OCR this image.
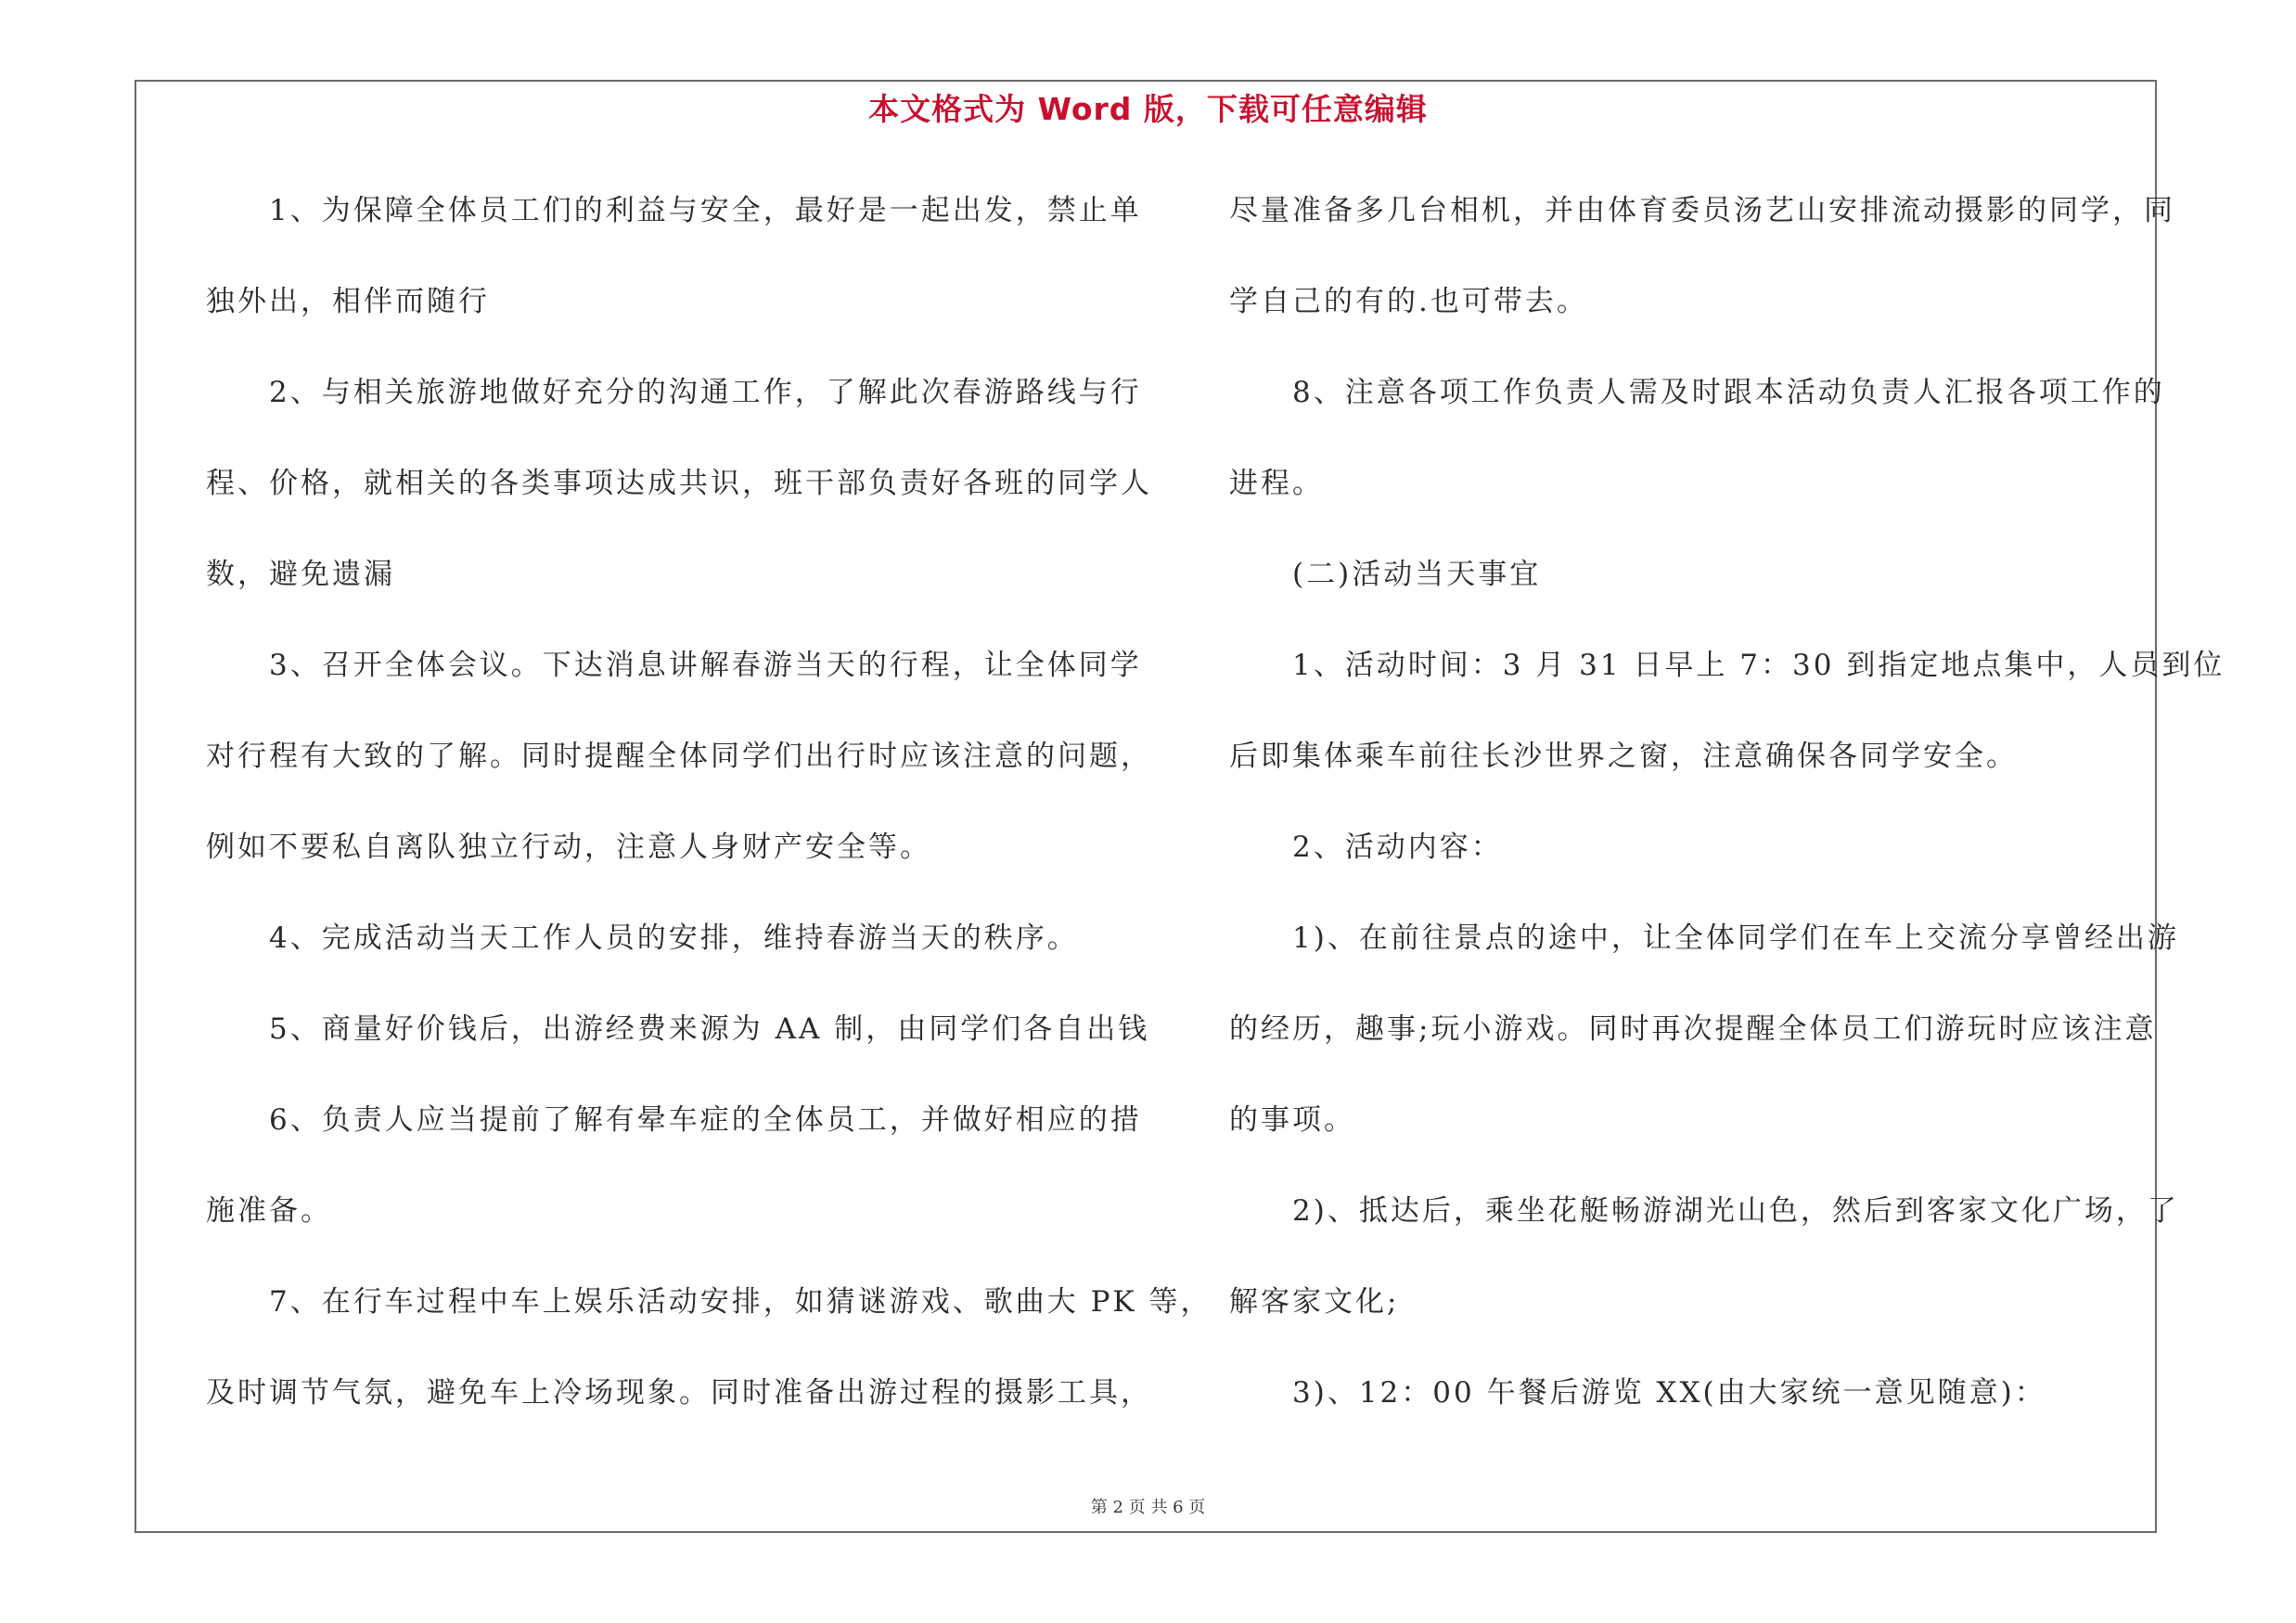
本文格式为 Word 版，下载可任意编辑
　　1、为保障全体员工们的利益与安全，最好是一起出发，禁止单
独外出，相伴而随行
　　2、与相关旅游地做好充分的沟通工作，了解此次春游路线与行
程、价格，就相关的各类事项达成共识，班干部负责好各班的同学人
数，避免遗漏
　　3、召开全体会议。下达消息讲解春游当天的行程，让全体同学
对行程有大致的了解。同时提醒全体同学们出行时应该注意的问题，
例如不要私自离队独立行动，注意人身财产安全等。
　　4、完成活动当天工作人员的安排，维持春游当天的秩序。
　　5、商量好价钱后，出游经费来源为 AA 制，由同学们各自出钱
　　6、负责人应当提前了解有晕车症的全体员工，并做好相应的措
施准备。
　　7、在行车过程中车上娱乐活动安排，如猜谜游戏、歌曲大 PK 等，
及时调节气氛，避免车上冷场现象。同时准备出游过程的摄影工具，
尽量准备多几台相机，并由体育委员汤艺山安排流动摄影的同学，同
学自己的有的.也可带去。
　　8、注意各项工作负责人需及时跟本活动负责人汇报各项工作的
进程。
　　(二)活动当天事宜
　　1、活动时间：3 月 31 日早上 7：30 到指定地点集中，人员到位
后即集体乘车前往长沙世界之窗，注意确保各同学安全。
　　2、活动内容：
　　1)、在前往景点的途中，让全体同学们在车上交流分享曾经出游
的经历，趣事;玩小游戏。同时再次提醒全体员工们游玩时应该注意
的事项。
　　2)、抵达后，乘坐花艇畅游湖光山色，然后到客家文化广场，了
解客家文化;
　　3)、12：00 午餐后游览 XX(由大家统一意见随意)：
第 2 页 共 6 页
